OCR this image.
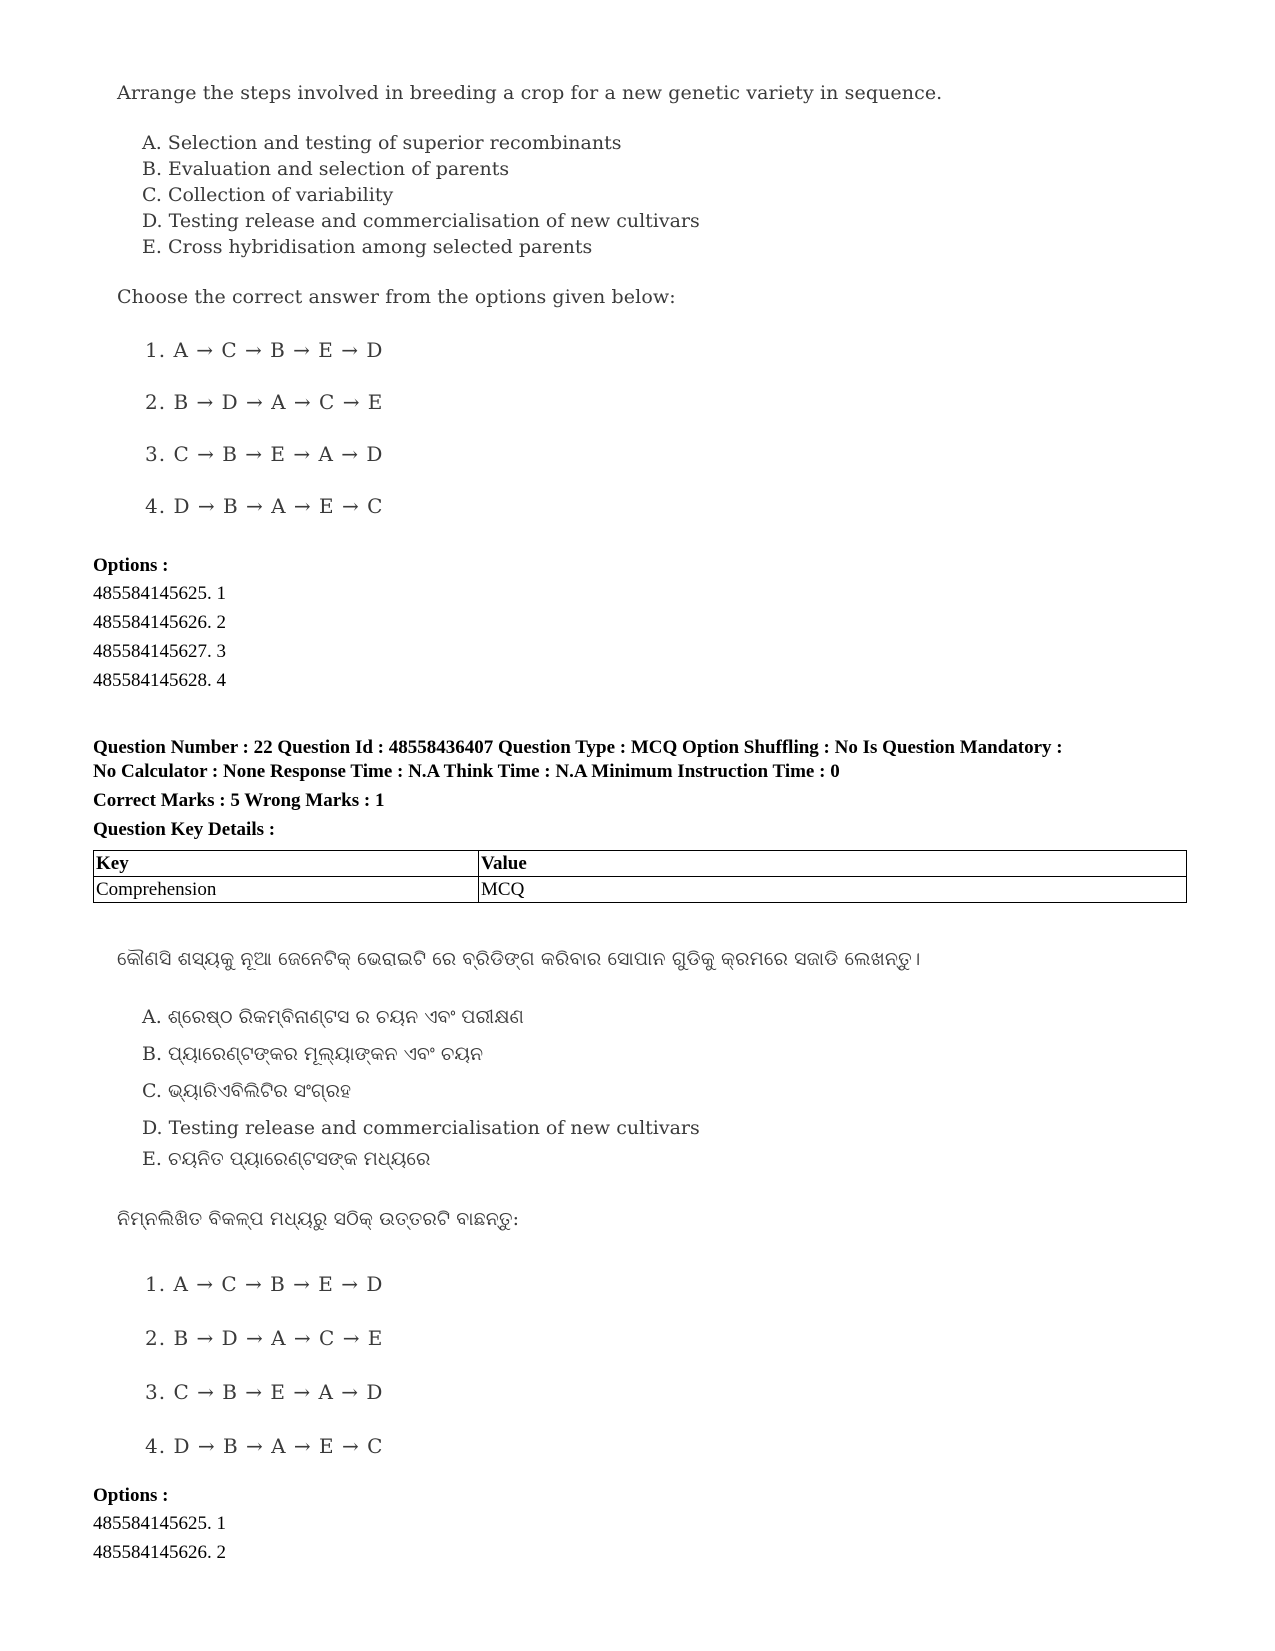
Arrange the steps involved in breeding a crop for a new genetic variety in sequence.
A. Selection and testing of superior recombinants
B. Evaluation and selection of parents
C. Collection of variability
D. Testing release and commercialisation of new cultivars
E. Cross hybridisation among selected parents
Choose the correct answer from the options given below:
1. A → C → B → E → D
2. B → D → A → C → E
3. C → B → E → A → D
4. D → B → A → E → C
Options :
485584145625. 1
485584145626. 2
485584145627. 3
485584145628. 4
Question Number : 22 Question Id : 48558436407 Question Type : MCQ Option Shuffling : No Is Question Mandatory :
No Calculator : None Response Time : N.A Think Time : N.A Minimum Instruction Time : 0
Correct Marks : 5 Wrong Marks : 1
Question Key Details :
Key	Value
Comprehension	MCQ
କୌଣସି ଶସ୍ୟକୁ ନୂଆ ଜେନେଟିକ୍ ଭେରାଇଟି ରେ ବ୍ରିଡିଙ୍ଗ କରିବାର ସୋପାନ ଗୁଡିକୁ କ୍ରମରେ ସଜାଡି ଲେଖନ୍ତୁ।
A. ଶ୍ରେଷ୍ଠ ରିକମ୍ବିନାଣ୍ଟସ ର ଚୟନ ଏବଂ ପରୀକ୍ଷଣ
B. ପ୍ୟାରେଣ୍ଟଙ୍କର ମୂଲ୍ୟାଙ୍କନ ଏବଂ ଚୟନ
C. ଭ୍ୟାରିଏବିଲିଟିର ସଂଗ୍ରହ
D. Testing release and commercialisation of new cultivars
E. ଚୟନିତ ପ୍ୟାରେଣ୍ଟସଙ୍କ ମଧ୍ୟରେ
ନିମ୍ନଲିଖିତ ବିକଳ୍ପ ମଧ୍ୟରୁ ସଠିକ୍ ଉତ୍ତରଟି ବାଛନ୍ତୁ:
1. A → C → B → E → D
2. B → D → A → C → E
3. C → B → E → A → D
4. D → B → A → E → C
Options :
485584145625. 1
485584145626. 2
